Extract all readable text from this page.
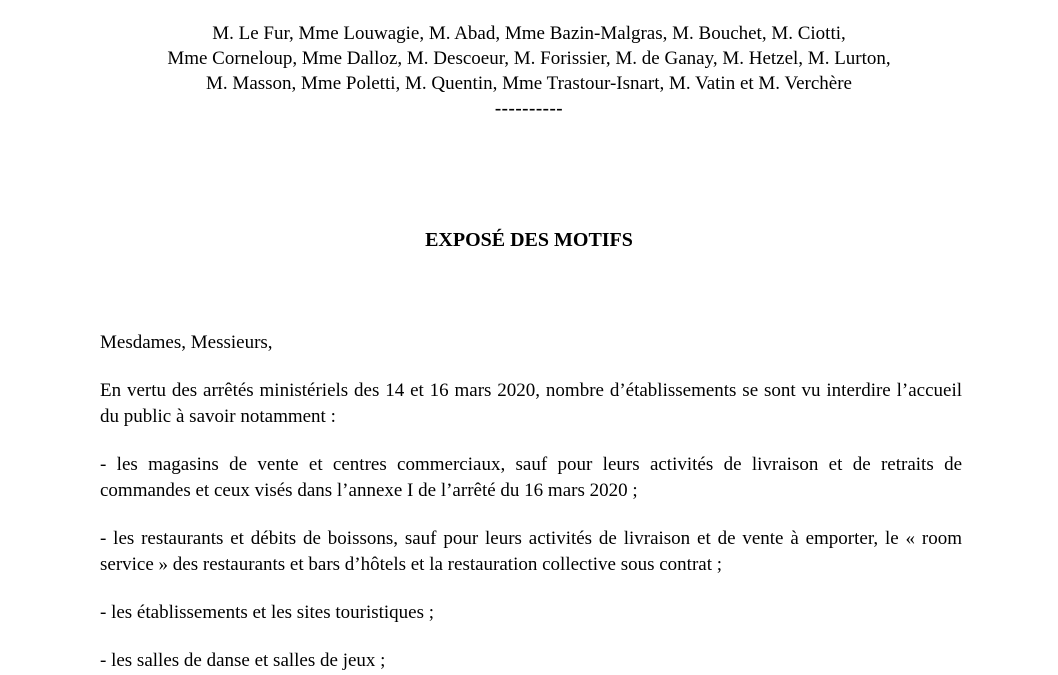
M. Le Fur, Mme Louwagie, M. Abad, Mme Bazin-Malgras, M. Bouchet, M. Ciotti,
Mme Corneloup, Mme Dalloz, M. Descoeur, M. Forissier, M. de Ganay, M. Hetzel, M. Lurton,
M. Masson, Mme Poletti, M. Quentin, Mme Trastour-Isnart, M. Vatin et M. Verchère
----------
EXPOSÉ DES MOTIFS

Mesdames, Messieurs,

En vertu des arrêtés ministériels des 14 et 16 mars 2020, nombre d’établissements se sont vu interdire l’accueil du public à savoir notamment :

- les magasins de vente et centres commerciaux, sauf pour leurs activités de livraison et de retraits de commandes et ceux visés dans l’annexe I de l’arrêté du 16 mars 2020 ;

- les restaurants et débits de boissons, sauf pour leurs activités de livraison et de vente à emporter, le « room service » des restaurants et bars d’hôtels et la restauration collective sous contrat ;

- les établissements et les sites touristiques ;

- les salles de danse et salles de jeux ;
